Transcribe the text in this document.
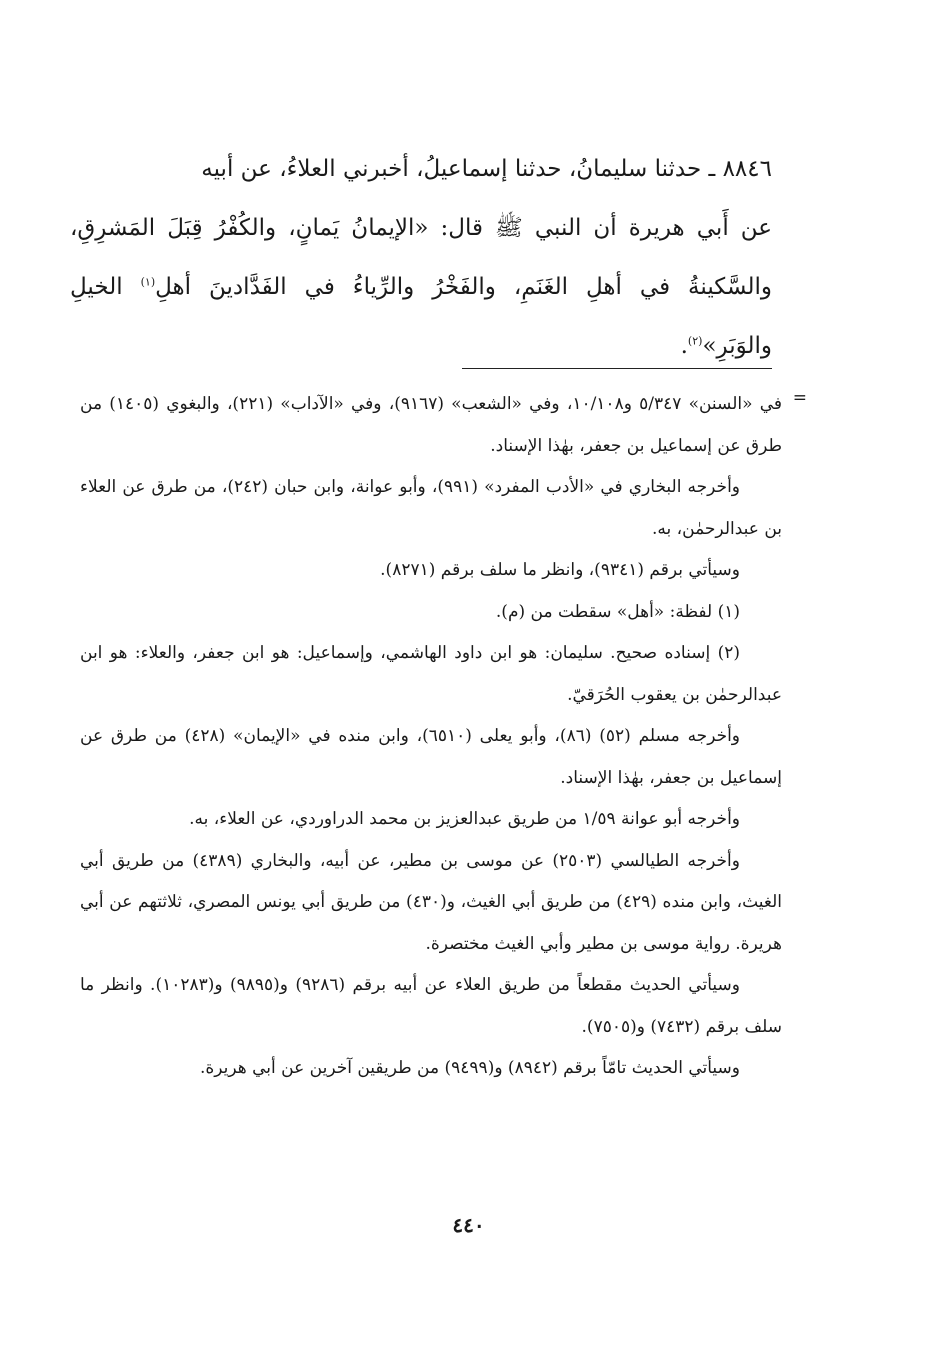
٨٨٤٦ ـ حدثنا سليمانُ، حدثنا إسماعيلُ، أخبرني العلاءُ، عن أبيه
عن أَبي هريرة أن النبي ﷺ قال: «الإيمانُ يَمانٍ، والكُفْرُ قِبَلَ المَشرِقِ، والسَّكينةُ في أهلِ الغَنَمِ، والفَخْرُ والرِّياءُ في الفَدَّادينَ أهلِ$^{(١)}$ الخيلِ والوَبَرِ»$^{(٢)}$.

=

في «السنن» ٥/٣٤٧ و١٠/١٠٨، وفي «الشعب» (٩١٦٧)، وفي «الآداب» (٢٢١)، والبغوي (١٤٠٥) من طرق عن إسماعيل بن جعفر، بهٰذا الإسناد.

وأخرجه البخاري في «الأدب المفرد» (٩٩١)، وأبو عوانة، وابن حبان (٢٤٢)، من طرق عن العلاء بن عبدالرحمٰن، به.

وسيأتي برقم (٩٣٤١)، وانظر ما سلف برقم (٨٢٧١).

(١) لفظة: «أهل» سقطت من (م).

(٢) إسناده صحيح. سليمان: هو ابن داود الهاشمي، وإسماعيل: هو ابن جعفر، والعلاء: هو ابن عبدالرحمٰن بن يعقوب الحُرَقيّ.

وأخرجه مسلم (٥٢) (٨٦)، وأبو يعلى (٦٥١٠)، وابن منده في «الإيمان» (٤٢٨) من طرق عن إسماعيل بن جعفر، بهٰذا الإسناد.

وأخرجه أبو عوانة ١/٥٩ من طريق عبدالعزيز بن محمد الدراوردي، عن العلاء، به.

وأخرجه الطيالسي (٢٥٠٣) عن موسى بن مطير، عن أبيه، والبخاري (٤٣٨٩) من طريق أبي الغيث، وابن منده (٤٢٩) من طريق أبي الغيث، و(٤٣٠) من طريق أبي يونس المصري، ثلاثتهم عن أبي هريرة. رواية موسى بن مطير وأبي الغيث مختصرة.

وسيأتي الحديث مقطعاً من طريق العلاء عن أبيه برقم (٩٢٨٦) و(٩٨٩٥) و(١٠٢٨٣). وانظر ما سلف برقم (٧٤٣٢) و(٧٥٠٥).

وسيأتي الحديث تامّاً برقم (٨٩٤٢) و(٩٤٩٩) من طريقين آخرين عن أبي هريرة.

٤٤٠
